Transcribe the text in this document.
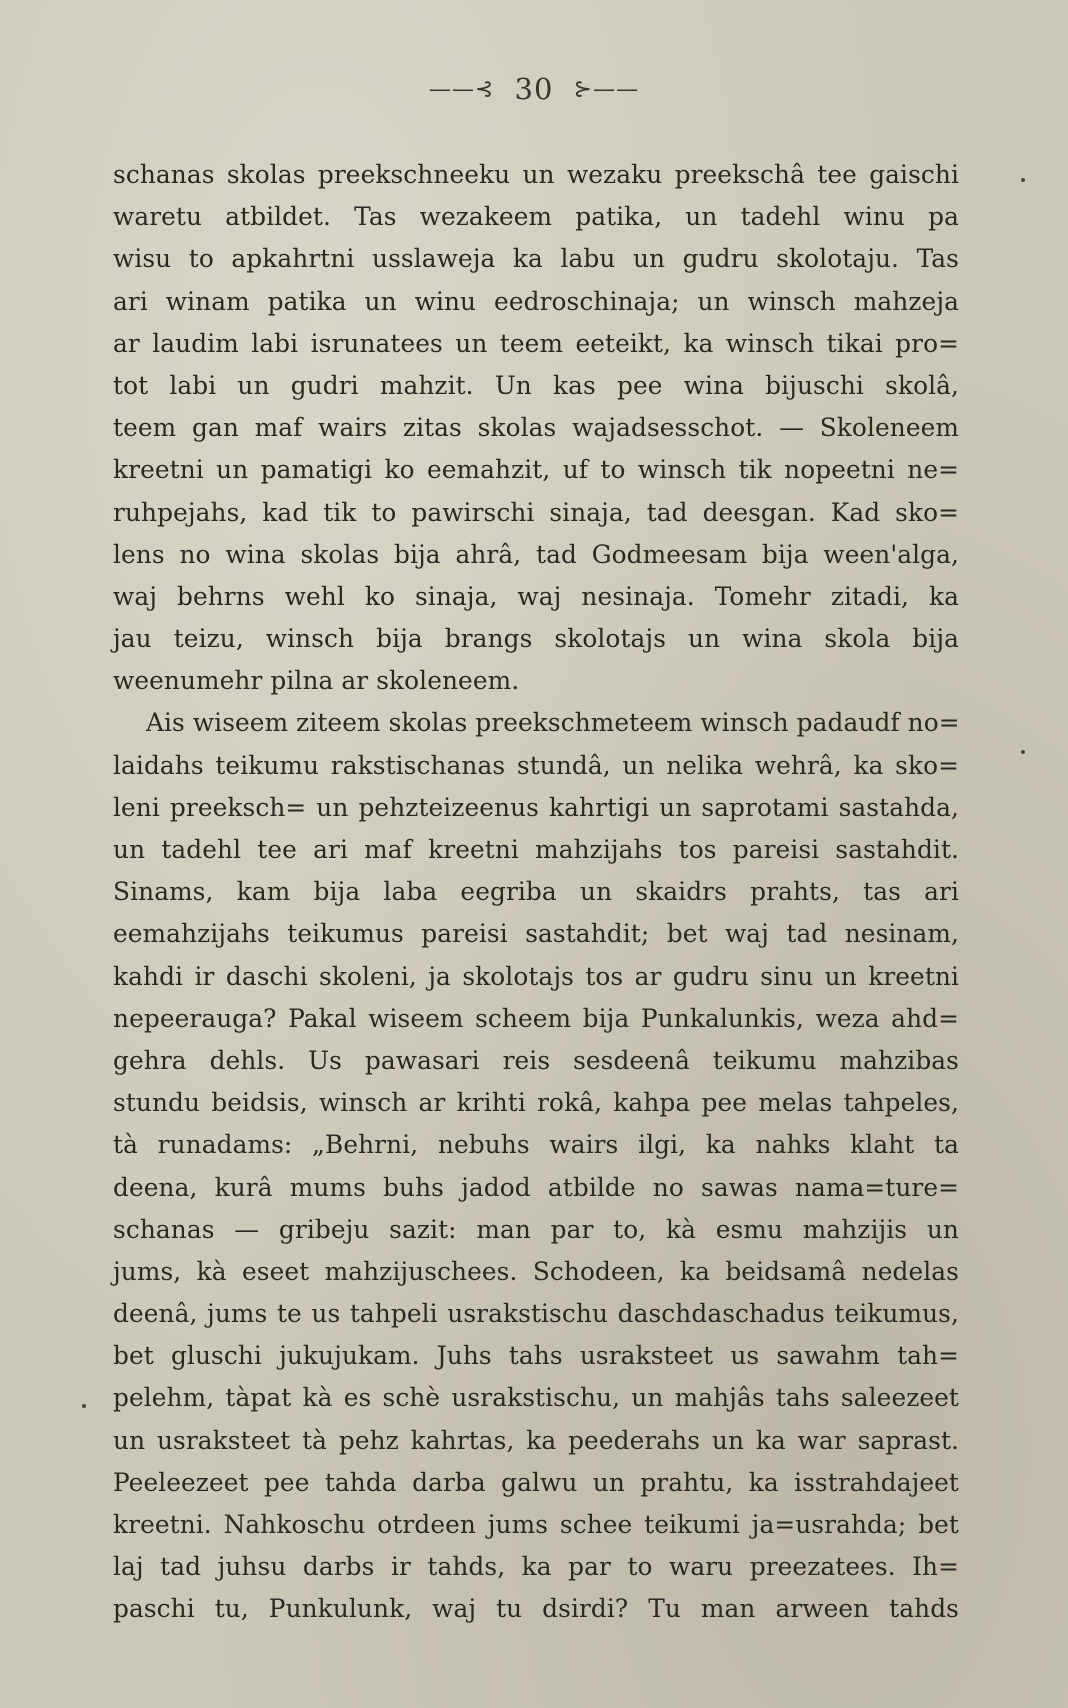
——⊰ 30 ⊱——
schanas skolas preekschneeku un wezaku preekschâ tee gaischi
waretu atbildet. Tas wezakeem patika, un tadehl winu pa
wisu to apkahrtni usslaweja ka labu un gudru skolotaju. Tas
ari winam patika un winu eedroschinaja; un winsch mahzeja
ar laudim labi isrunatees un teem eeteikt, ka winsch tikai pro=
tot labi un gudri mahzit. Un kas pee wina bijuschi skolâ,
teem gan maf wairs zitas skolas wajadsesschot. — Skoleneem
kreetni un pamatigi ko eemahzit, uf to winsch tik nopeetni ne=
ruhpejahs, kad tik to pawirschi sinaja, tad deesgan. Kad sko=
lens no wina skolas bija ahrâ, tad Godmeesam bija ween'alga,
waj behrns wehl ko sinaja, waj nesinaja. Tomehr zitadi, ka
jau teizu, winsch bija brangs skolotajs un wina skola bija
weenumehr pilna ar skoleneem.
Ais wiseem ziteem skolas preekschmeteem winsch padaudf no=
laidahs teikumu rakstischanas stundâ, un nelika wehrâ, ka sko=
leni preeksch= un pehzteizeenus kahrtigi un saprotami sastahda,
un tadehl tee ari maf kreetni mahzijahs tos pareisi sastahdit.
Sinams, kam bija laba eegriba un skaidrs prahts, tas ari
eemahzijahs teikumus pareisi sastahdit; bet waj tad nesinam,
kahdi ir daschi skoleni, ja skolotajs tos ar gudru sinu un kreetni
nepeerauga? Pakal wiseem scheem bija Punkalunkis, weza ahd=
gehra dehls. Us pawasari reis sesdeenâ teikumu mahzibas
stundu beidsis, winsch ar krihti rokâ, kahpa pee melas tahpeles,
tà runadams: „Behrni, nebuhs wairs ilgi, ka nahks klaht ta
deena, kurâ mums buhs jadod atbilde no sawas nama=ture=
schanas — gribeju sazit: man par to, kà esmu mahzijis un
jums, kà eseet mahzijuschees. Schodeen, ka beidsamâ nedelas
deenâ, jums te us tahpeli usrakstischu daschdaschadus teikumus,
bet gluschi jukujukam. Juhs tahs usraksteet us sawahm tah=
pelehm, tàpat kà es schè usrakstischu, un mahjâs tahs saleezeet
un usraksteet tà pehz kahrtas, ka peederahs un ka war saprast.
Peeleezeet pee tahda darba galwu un prahtu, ka isstrahdajeet
kreetni. Nahkoschu otrdeen jums schee teikumi ja=usrahda; bet
laj tad juhsu darbs ir tahds, ka par to waru preezatees. Ih=
paschi tu, Punkulunk, waj tu dsirdi? Tu man arween tahds
